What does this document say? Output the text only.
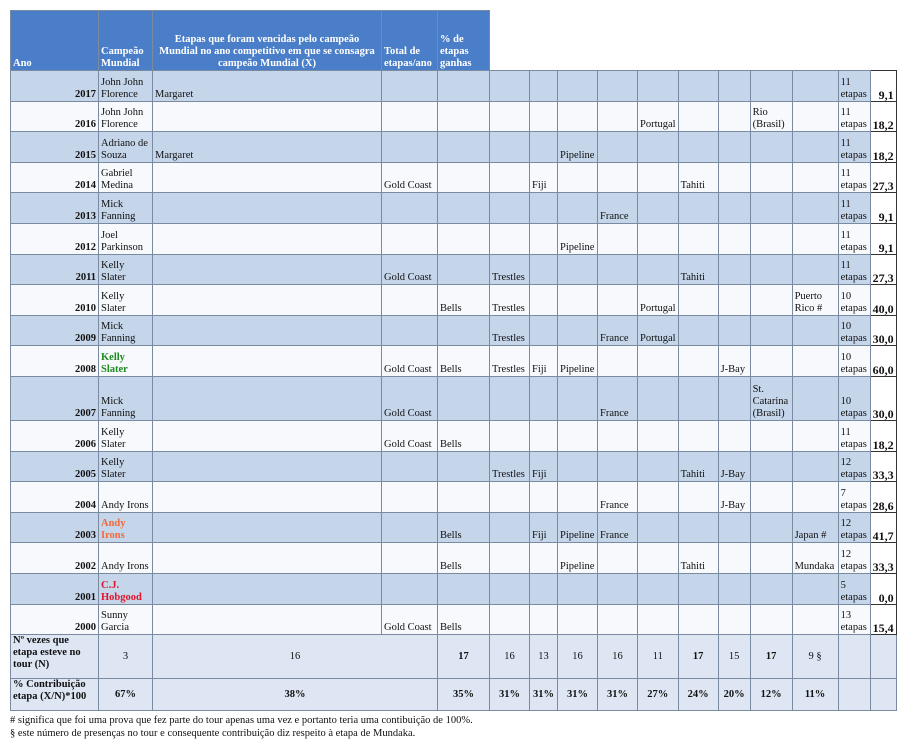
Ano	Campeão Mundial	Etapas que foram vencidas pelo campeão Mundial no ano competitivo em que se consagra campeão Mundial (X)	Total de etapas/ano	% de etapas ganhas											
2017	John John Florence	Margaret												11 etapas	9,1
2016	John John Florence								Portugal			Rio (Brasil)		11 etapas	18,2
2015	Adriano de Souza	Margaret					Pipeline							11 etapas	18,2
2014	Gabriel Medina		Gold Coast			Fiji				Tahiti				11 etapas	27,3
2013	Mick Fanning							France						11 etapas	9,1
2012	Joel Parkinson						Pipeline							11 etapas	9,1
2011	Kelly Slater		Gold Coast		Trestles					Tahiti				11 etapas	27,3
2010	Kelly Slater			Bells	Trestles				Portugal				Puerto Rico #	10 etapas	40,0
2009	Mick Fanning				Trestles			France	Portugal					10 etapas	30,0
2008	Kelly Slater		Gold Coast	Bells	Trestles	Fiji	Pipeline				J-Bay			10 etapas	60,0
2007	Mick Fanning		Gold Coast					France				St. Catarina (Brasil)		10 etapas	30,0
2006	Kelly Slater		Gold Coast	Bells										11 etapas	18,2
2005	Kelly Slater				Trestles	Fiji				Tahiti	J-Bay			12 etapas	33,3
2004	Andy Irons							France			J-Bay			7 etapas	28,6
2003	Andy Irons			Bells		Fiji	Pipeline	France					Japan #	12 etapas	41,7
2002	Andy Irons			Bells			Pipeline			Tahiti			Mundaka	12 etapas	33,3
2001	C.J. Hobgood													5 etapas	0,0
2000	Sunny Garcia		Gold Coast	Bells										13 etapas	15,4
Nº vezes que etapa esteve no tour (N)	3	16		17	16	13	16	16	11	17	15	17	9 §		
% Contribuição etapa (X/N)*100	67%	38%		35%	31%	31%	31%	31%	27%	24%	20%	12%	11%		
# significa que foi uma prova que fez parte do tour apenas uma vez e portanto teria uma contibuição de 100%.
§ este número de presenças no tour e consequente contribuição diz respeito à etapa de Mundaka.
